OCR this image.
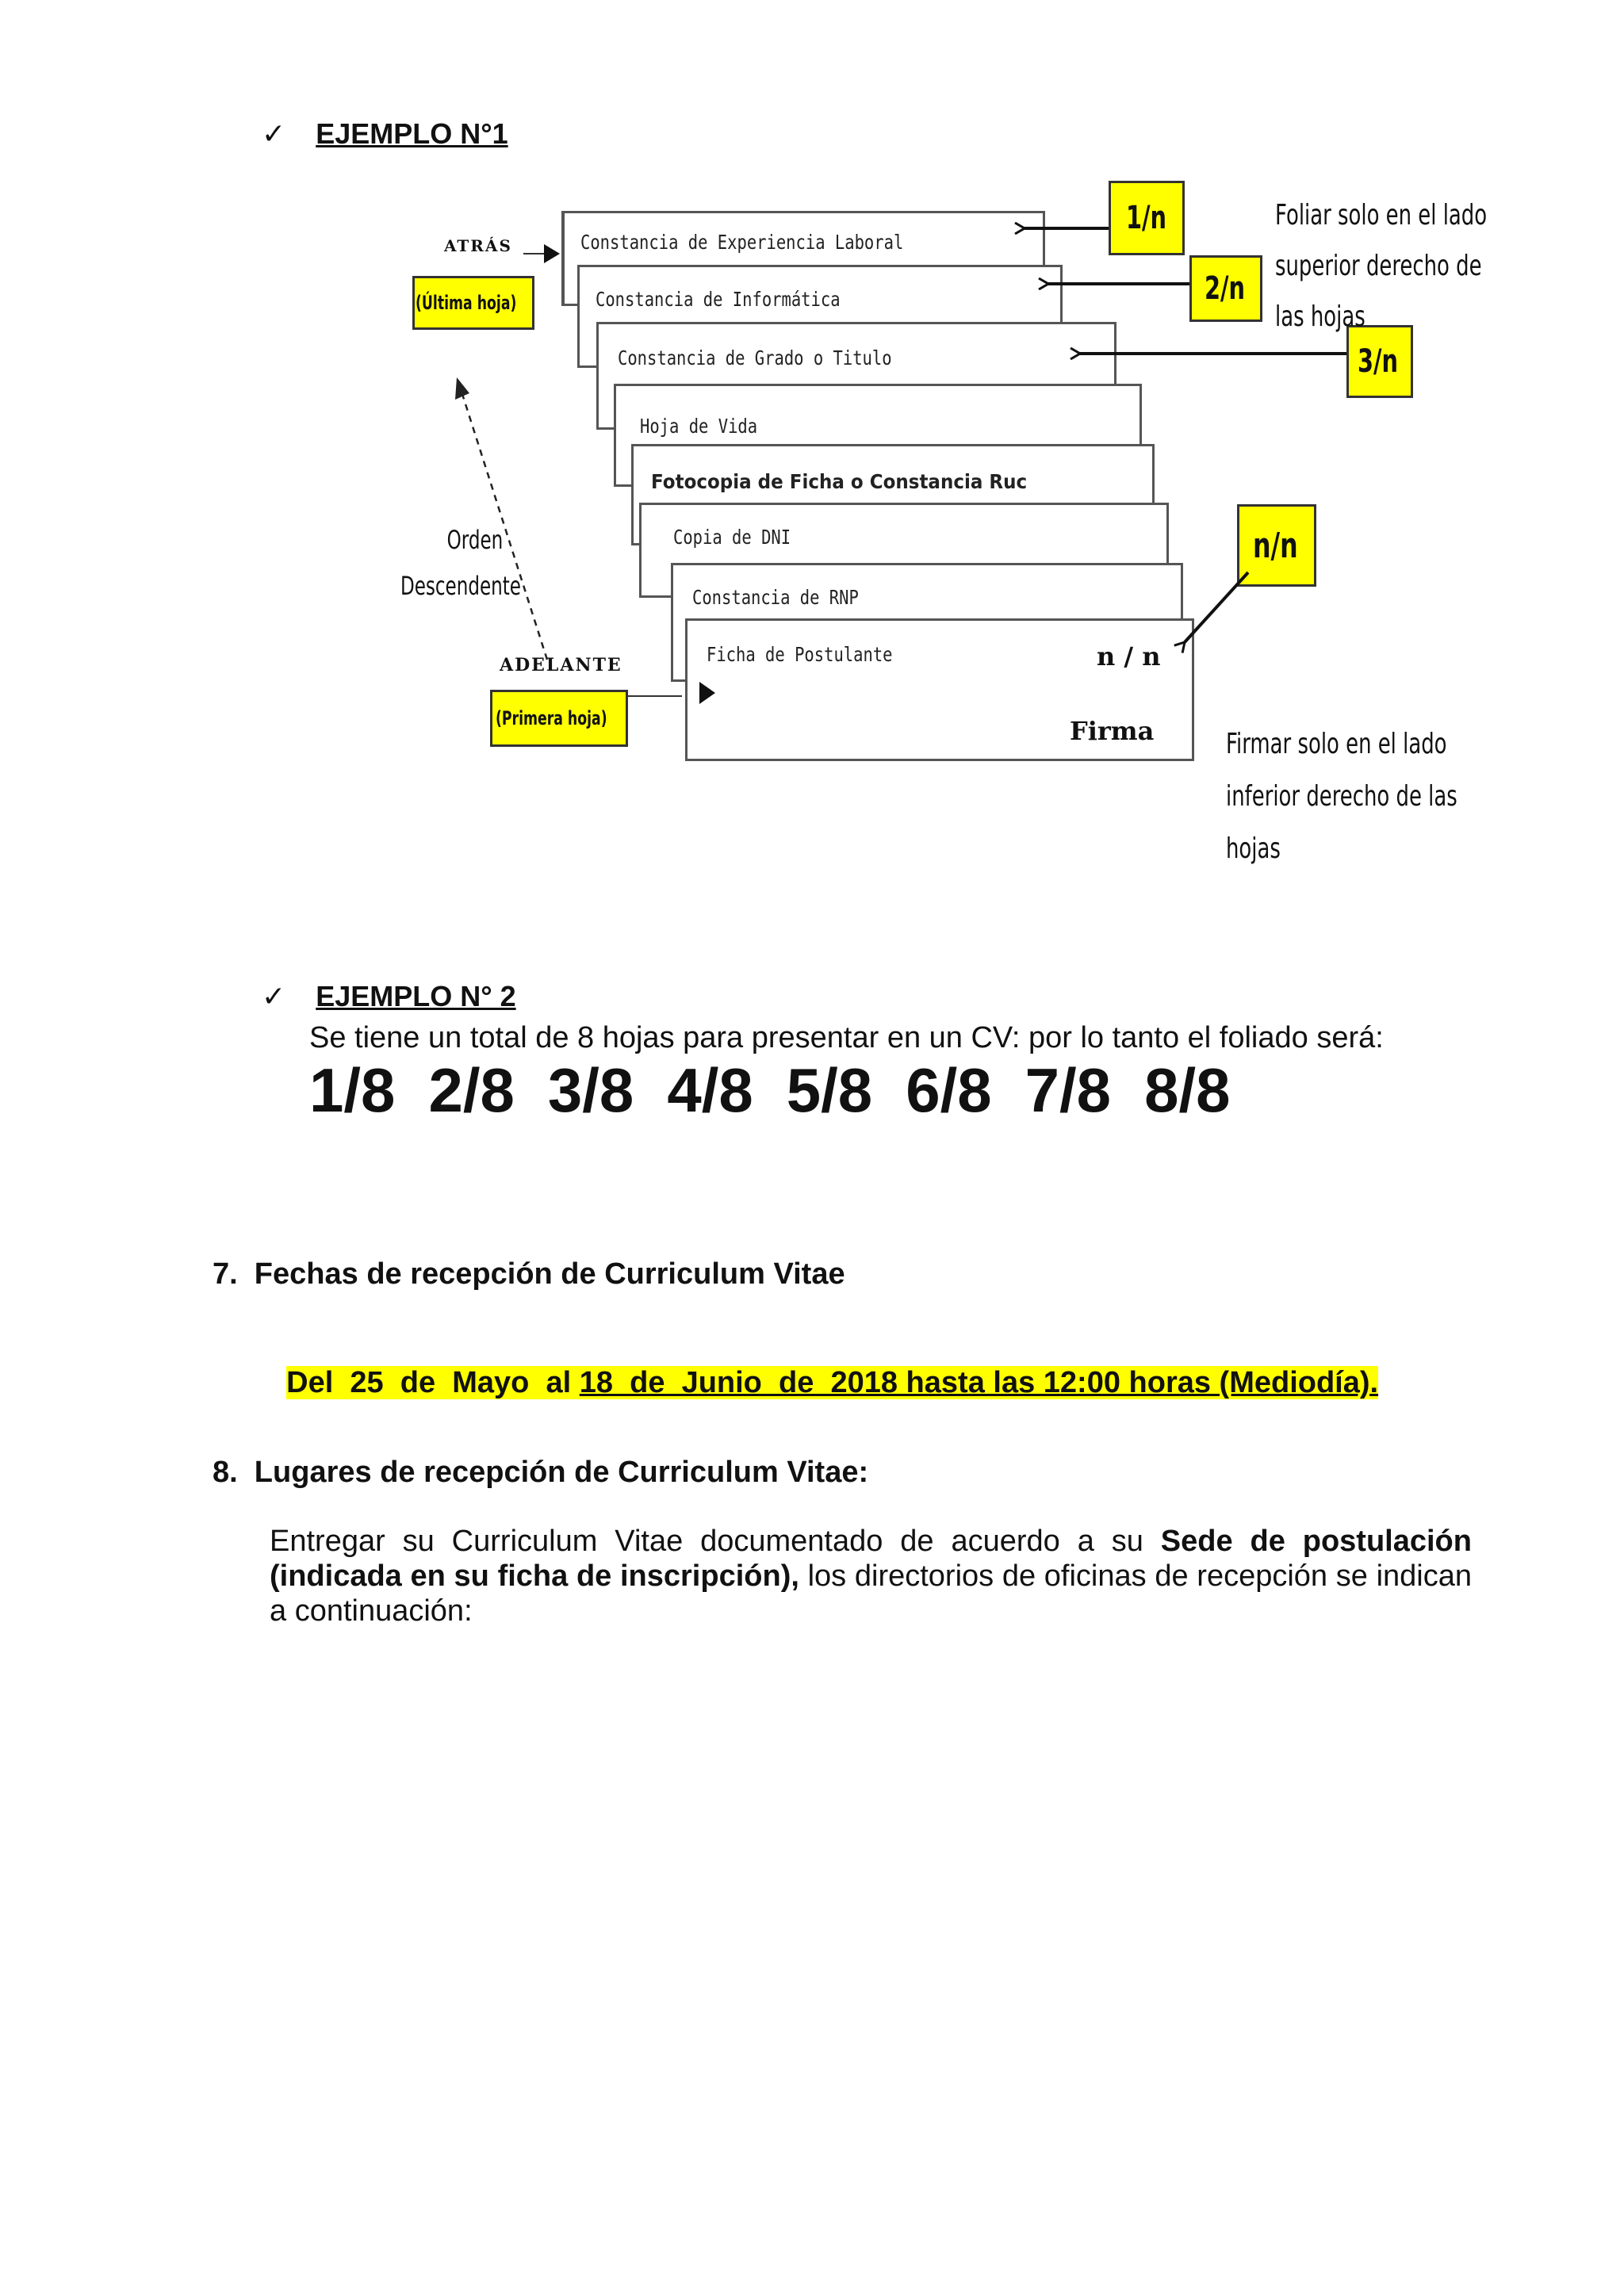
✓ EJEMPLO N°1
Constancia de Experiencia Laboral
Constancia de Informática
Constancia de Grado o Titulo
Hoja de Vida
Fotocopia de Ficha o Constancia Ruc
Copia de DNI
Constancia de RNP
Ficha de Postulante	n / n
Firma
ATRÁS
(Última hoja)
ADELANTE
(Primera hoja)
Orden
Descendente
1/n
2/n
3/n
n/n
Foliar solo en el lado
superior derecho de
las hojas
Firmar solo en el lado
inferior derecho de las
hojas
✓ EJEMPLO N° 2
Se tiene un total de 8 hojas para presentar en un CV: por lo tanto el foliado será:
1/8 2/8 3/8 4/8 5/8 6/8 7/8 8/8
7.  Fechas de recepción de Curriculum Vitae

Del  25  de  Mayo  al 18  de  Junio  de  2018 hasta las 12:00 horas (Mediodía).

8.  Lugares de recepción de Curriculum Vitae:
Entregar su Curriculum Vitae documentado de acuerdo a su Sede de postulación (indicada en su ficha de inscripción), los directorios de oficinas de recepción se indican a continuación:
